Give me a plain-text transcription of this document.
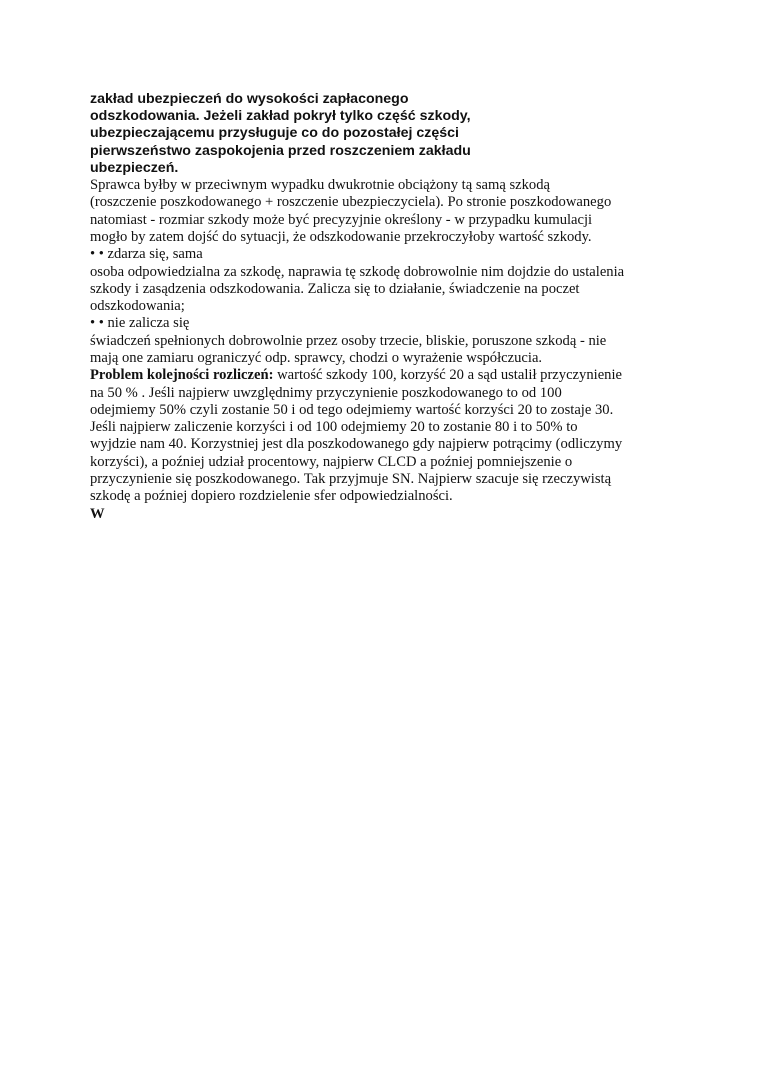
zakład ubezpieczeń do wysokości zapłaconego

odszkodowania. Jeżeli zakład pokrył tylko część szkody,

ubezpieczającemu przysługuje co do pozostałej części

pierwszeństwo zaspokojenia przed roszczeniem zakładu

ubezpieczeń.

Sprawca byłby w przeciwnym wypadku dwukrotnie obciążony tą samą szkodą

(roszczenie poszkodowanego + roszczenie ubezpieczyciela). Po stronie poszkodowanego

natomiast - rozmiar szkody może być precyzyjnie określony - w przypadku kumulacji

mogło by zatem dojść do sytuacji, że odszkodowanie przekroczyłoby wartość szkody.

• • zdarza się, sama

osoba odpowiedzialna za szkodę, naprawia tę szkodę dobrowolnie nim dojdzie do ustalenia

szkody i zasądzenia odszkodowania. Zalicza się to działanie, świadczenie na poczet

odszkodowania;

• • nie zalicza się

świadczeń spełnionych dobrowolnie przez osoby trzecie, bliskie, poruszone szkodą - nie

mają one zamiaru ograniczyć odp. sprawcy, chodzi o wyrażenie współczucia.

Problem kolejności rozliczeń: wartość szkody 100, korzyść 20 a sąd ustalił przyczynienie

na 50 % . Jeśli najpierw uwzględnimy przyczynienie poszkodowanego to od 100

odejmiemy 50% czyli zostanie 50 i od tego odejmiemy wartość korzyści 20 to zostaje 30.

Jeśli najpierw zaliczenie korzyści i od 100 odejmiemy 20 to zostanie 80 i to 50% to

wyjdzie nam 40. Korzystniej jest dla poszkodowanego gdy najpierw potrącimy (odliczymy

korzyści), a poźniej udział procentowy, najpierw CLCD a poźniej pomniejszenie o

przyczynienie się poszkodowanego. Tak przyjmuje SN. Najpierw szacuje się rzeczywistą

szkodę a poźniej dopiero rozdzielenie sfer odpowiedzialności.

W
